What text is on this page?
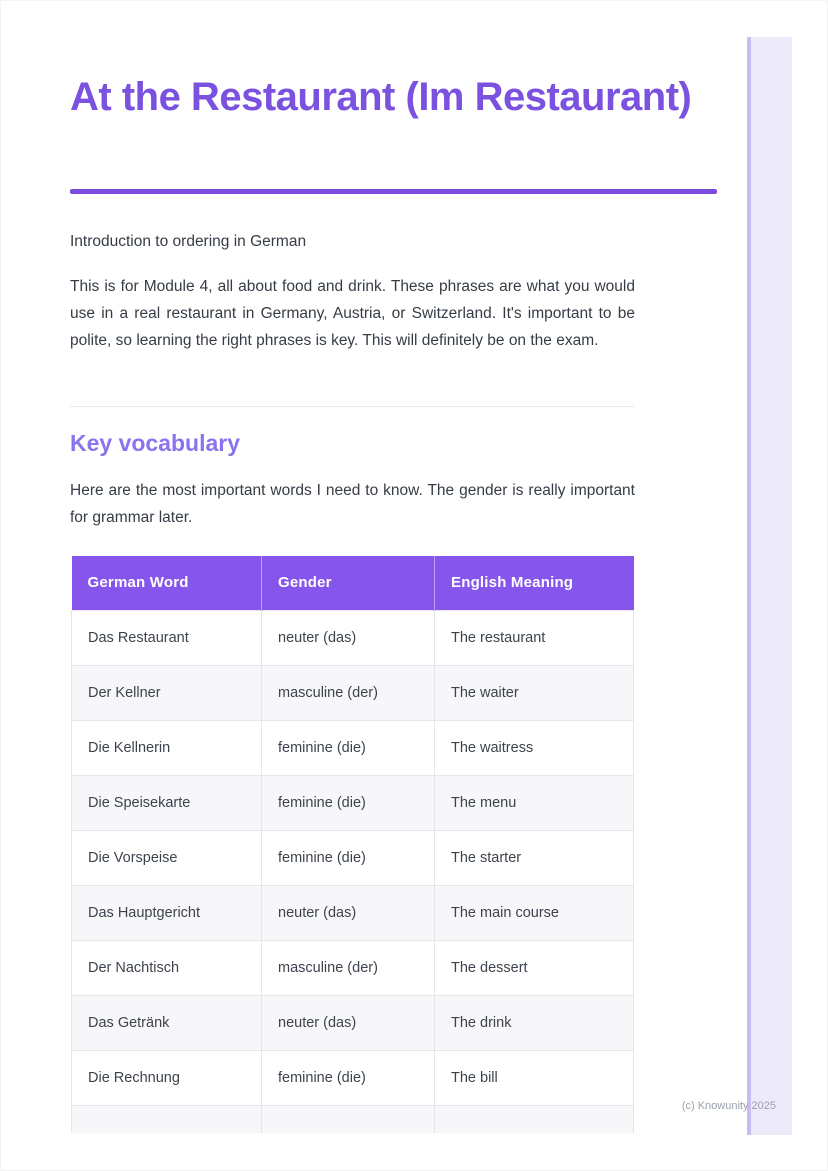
At the Restaurant (Im Restaurant)

Introduction to ordering in German

This is for Module 4, all about food and drink. These phrases are what you would use in a real restaurant in Germany, Austria, or Switzerland. It's important to be polite, so learning the right phrases is key. This will definitely be on the exam.

Key vocabulary

Here are the most important words I need to know. The gender is really important for grammar later.

German Word	Gender	English Meaning
Das Restaurant	neuter (das)	The restaurant
Der Kellner	masculine (der)	The waiter
Die Kellnerin	feminine (die)	The waitress
Die Speisekarte	feminine (die)	The menu
Die Vorspeise	feminine (die)	The starter
Das Hauptgericht	neuter (das)	The main course
Der Nachtisch	masculine (der)	The dessert
Das Getränk	neuter (das)	The drink
Die Rechnung	feminine (die)	The bill

(c) Knowunity 2025
